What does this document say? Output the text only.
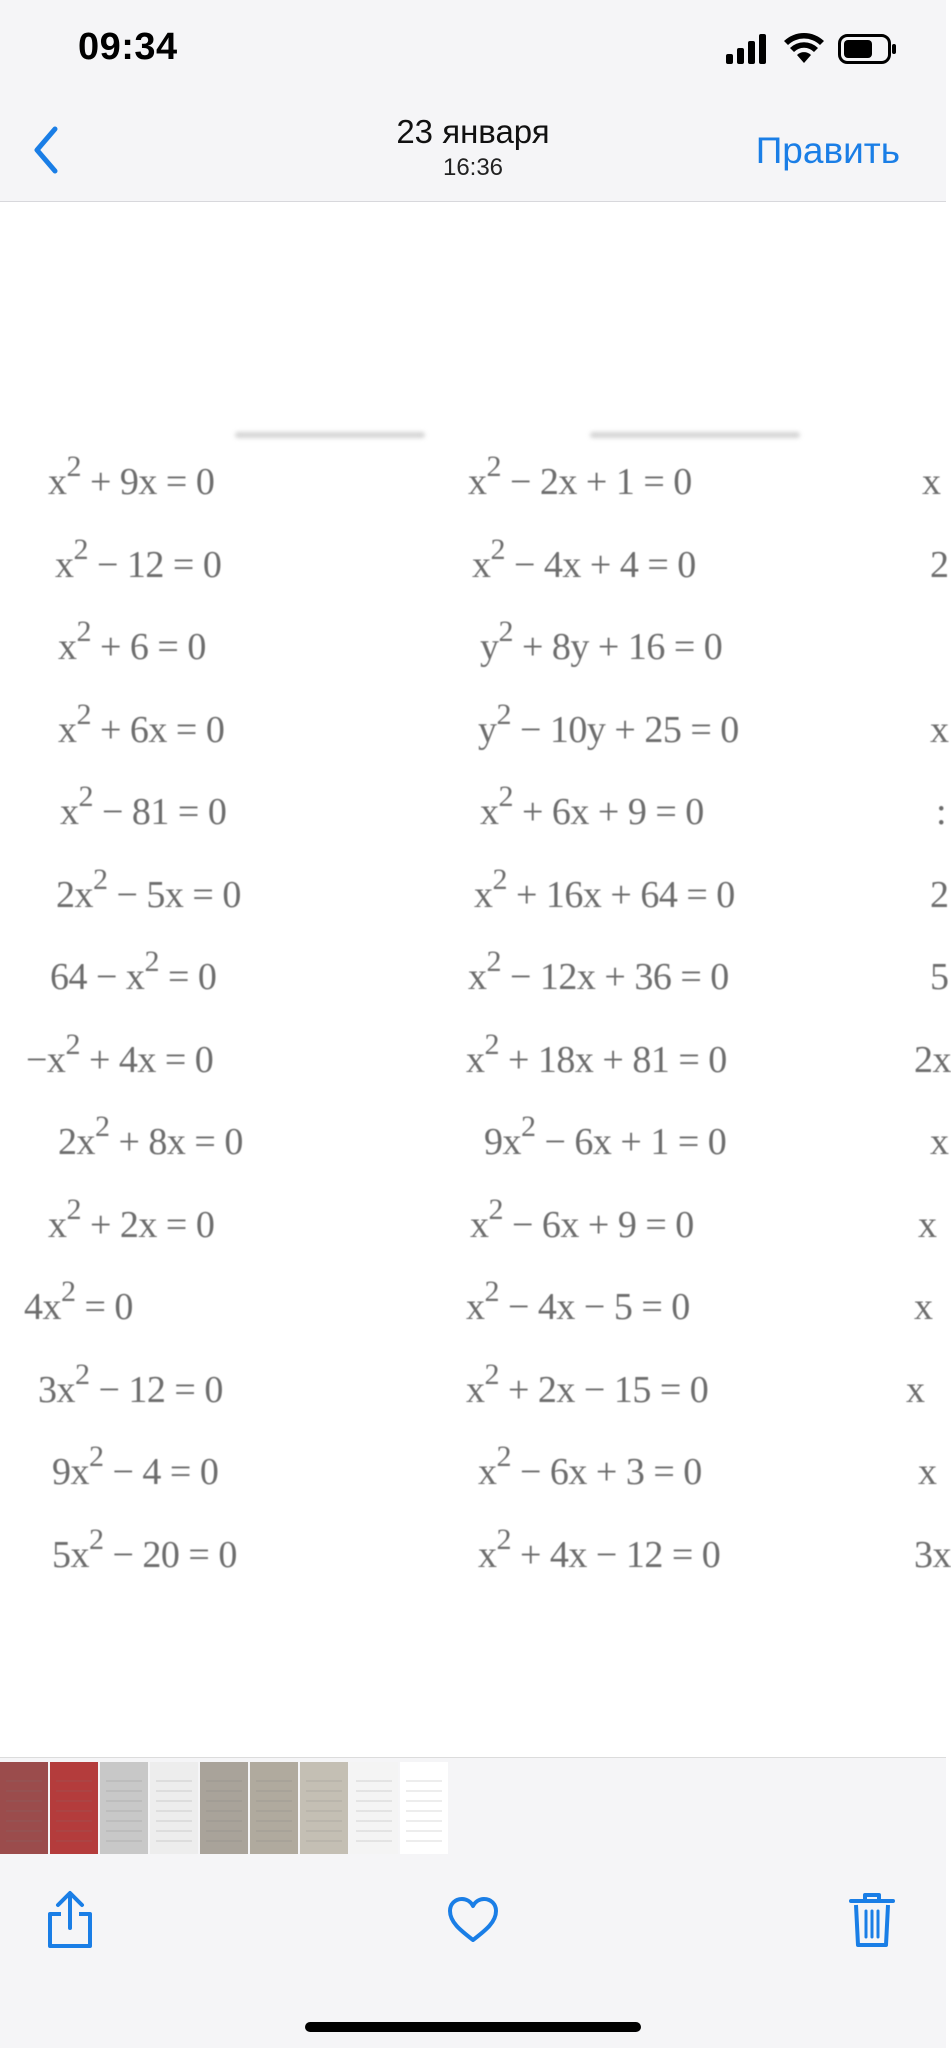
09:34
23 января
16:36	Править
$x^2 + 9x = 0$
$x^2 - 12 = 0$
$x^2 + 6 = 0$
$x^2 + 6x = 0$
$x^2 - 81 = 0$
$2x^2 - 5x = 0$
$64 - x^2 = 0$
$-x^2 + 4x = 0$
$2x^2 + 8x = 0$
$x^2 + 2x = 0$
$4x^2 = 0$
$3x^2 - 12 = 0$
$9x^2 - 4 = 0$
$5x^2 - 20 = 0$
$x^2 - 2x + 1 = 0$
$x^2 - 4x + 4 = 0$
$y^2 + 8y + 16 = 0$
$y^2 - 10y + 25 = 0$
$x^2 + 6x + 9 = 0$
$x^2 + 16x + 64 = 0$
$x^2 - 12x + 36 = 0$
$x^2 + 18x + 81 = 0$
$9x^2 - 6x + 1 = 0$
$x^2 - 6x + 9 = 0$
$x^2 - 4x - 5 = 0$
$x^2 + 2x - 15 = 0$
$x^2 - 6x + 3 = 0$
$x^2 + 4x - 12 = 0$
x
2
x
:
2
5
2x
x
x
x
x
x
3x
